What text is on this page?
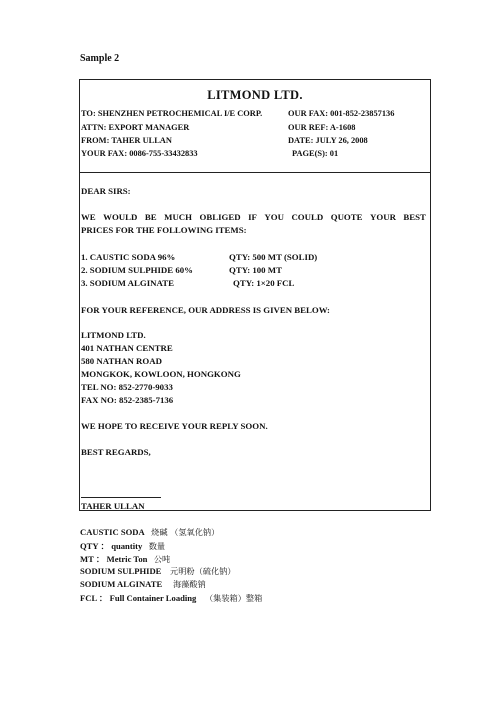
Sample 2
LITMOND LTD.
TO: SHENZHEN PETROCHEMICAL I/E CORP.	OUR FAX: 001-852-23857136
ATTN: EXPORT MANAGER	OUR REF: A-1608
FROM: TAHER ULLAN	DATE: JULY 26, 2008
YOUR FAX: 0086-755-33432833	PAGE(S): 01
DEAR SIRS:
WE WOULD BE MUCH OBLIGED IF YOU COULD QUOTE YOUR BEST
PRICES FOR THE FOLLOWING ITEMS:
1. CAUSTIC SODA 96%	QTY: 500 MT (SOLID)
2. SODIUM SULPHIDE 60%	QTY: 100 MT
3. SODIUM ALGINATE	QTY: 1×20 FCL
FOR YOUR REFERENCE, OUR ADDRESS IS GIVEN BELOW:
LITMOND LTD.
401 NATHAN CENTRE
580 NATHAN ROAD
MONGKOK, KOWLOON, HONGKONG
TEL NO: 852-2770-9033
FAX NO: 852-2385-7136
WE HOPE TO RECEIVE YOUR REPLY SOON.
BEST REGARDS,
TAHER ULLAN
CAUSTIC SODA 烧碱 （氢氧化钠）
QTY ： quantity 数量
MT ： Metric Ton 公吨
SODIUM SULPHIDE 元明粉（硫化钠）
SODIUM ALGINATE 海藻酸钠
FCL ： Full Container Loading （集装箱）整箱
